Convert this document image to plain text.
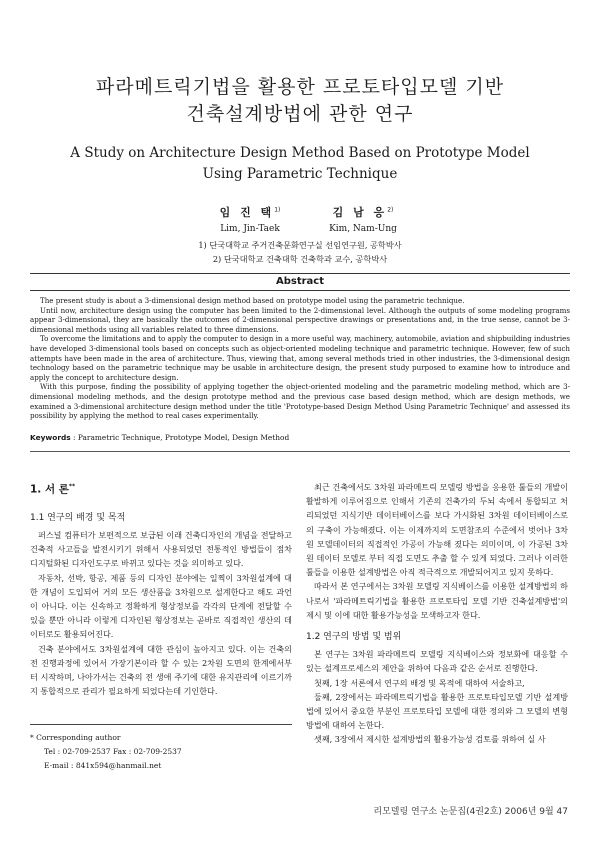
파라메트릭기법을 활용한 프로토타입모델 기반
건축설계방법에 관한 연구
A Study on Architecture Design Method Based on Prototype Model
Using Parametric Technique
임 진 택$^{1)}$
Lim, Jin-Taek
김 남 응$^{2)}$
Kim, Nam-Ung
1) 단국대학교 주거건축문화연구실 선임연구원, 공학박사
2) 단국대학교 건축대학 건축학과 교수, 공학박사
Abstract

The present study is about a 3-dimensional design method based on prototype model using the parametric technique.

Until now, architecture design using the computer has been limited to the 2-dimensional level. Although the outputs of some modeling programs appear 3-dimensional, they are basically the outcomes of 2-dimensional perspective drawings or presentations and, in the true sense, cannot be 3-dimensional methods using all variables related to three dimensions.

To overcome the limitations and to apply the computer to design in a more useful way, machinery, automobile, aviation and shipbuilding industries have developed 3-dimensional tools based on concepts such as object-oriented modeling technique and parametric technique. However, few of such attempts have been made in the area of architecture. Thus, viewing that, among several methods tried in other industries, the 3-dimensional design technology based on the parametric technique may be usable in architecture design, the present study purposed to examine how to introduce and apply the concept to architecture design.

With this purpose, finding the possibility of applying together the object-oriented modeling and the parametric modeling method, which are 3-dimensional modeling methods, and the design prototype method and the previous case based design method, which are design methods, we examined a 3-dimensional architecture design method under the title 'Prototype-based Design Method Using Parametric Technique' and assessed its possibility by applying the method to real cases experimentally.

Keywords : Parametric Technique, Prototype Model, Design Method
1. 서 론**
1.1 연구의 배경 및 목적

퍼스널 컴퓨터가 보편적으로 보급된 이래 건축디자인의 개념을 전달하고 건축적 사고들을 발전시키기 위해서 사용되었던 전통적인 방법들이 점차 디지털화된 디자인도구로 바뀌고 있다는 것을 의미하고 있다.

자동차, 선박, 항공, 제품 등의 디자인 분야에는 일찍이 3차원설계에 대한 개념이 도입되어 거의 모든 생산품을 3차원으로 설계한다고 해도 과언이 아니다. 이는 신속하고 정확하게 형상정보를 각각의 단계에 전달할 수 있을 뿐만 아니라 이렇게 디자인된 형상정보는 곧바로 직접적인 생산의 데이터로도 활용되어진다.

건축 분야에서도 3차원설계에 대한 관심이 높아지고 있다. 이는 건축의 전 진행과정에 있어서 가장기본이라 할 수 있는 2차원 도면의 한계에서부터 시작하며, 나아가서는 건축의 전 생애 주기에 대한 유지관리에 이르기까지 통합적으로 관리가 필요하게 되었다는데 기인한다.

* Corresponding author
Tel : 02-709-2537 Fax : 02-709-2537
E-mail : 841x594@hanmail.net

최근 건축에서도 3차원 파라메트릭 모델링 방법을 응용한 툴들의 개발이 활발하게 이루어짐으로 인해서 기존의 건축가의 두뇌 속에서 통합되고 처리되었던 지식기반 데이터베이스를 보다 가시화된 3차원 데이터베이스로의 구축이 가능해졌다. 이는 이제까지의 도면참조의 수준에서 벗어나 3차원 모델데이터의 직접적인 가공이 가능해 졌다는 의미이며, 이 가공된 3차원 데이터 모델로 부터 직접 도면도 추출 할 수 있게 되었다. 그러나 이러한 툴들을 이용한 설계방법은 아직 적극적으로 개발되어지고 있지 못하다.

따라서 본 연구에서는 3차원 모델링 지식베이스를 이용한 설계방법의 하나로서 '파라메트릭기법을 활용한 프로토타입 모델 기반 건축설계방법'의 제시 및 이에 대한 활용가능성을 모색하고자 한다.

1.2 연구의 방법 및 범위

본 연구는 3차원 파라메트릭 모델링 지식베이스와 정보화에 대응할 수 있는 설계프로세스의 제안을 위하여 다음과 같은 순서로 진행한다.

첫째, 1장 서론에서 연구의 배경 및 목적에 대하여 서술하고,

둘째, 2장에서는 파라메트릭기법을 활용한 프로토타입모델 기반 설계방법에 있어서 중요한 부분인 프로토타입 모델에 대한 정의와 그 모델의 변형방법에 대하여 논한다.

셋째, 3장에서 제시한 설계방법의 활용가능성 검토를 위하여 실 사

리모델링 연구소 논문집(4권2호) 2006년 9월 47
